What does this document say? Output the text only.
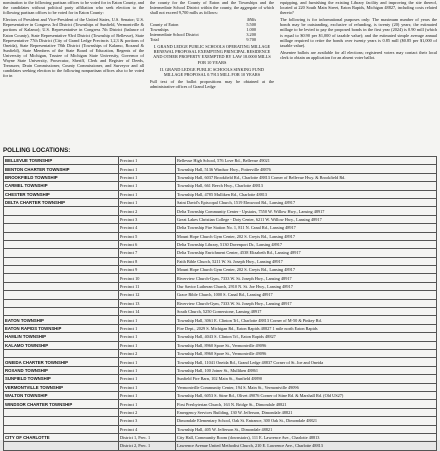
nomination to the following partisan offices to be voted for in Eaton County, and the candidates without political party affiliation who seek election to the following partisan offices to be voted for in Eaton County:

Electors of President and Vice-President of the United States, U.S. Senator; U.S. Representative in Congress 3rd District (Townships of Sunfield, Vermontville & portions of Kalamo); U.S. Representative in Congress 7th District (balance of Eaton County), State Representative 93rd District (Township of Bellevue), State Representative 77th District (City of Grand Ledge Precincts 1,2,3 & portions of Oneida), State Representative 78th District (Townships of Kalamo, Roxand & Sunfield), State Members of the State Board of Education, Regents of the University of Michigan, Trustee of Michigan State University, Governor of Wayne State University, Prosecutor, Sheriff, Clerk and Register of Deeds, Treasurer, Drain Commissioner, County Commissioner, and Surveyor and all candidates seeking election to the following nonpartisan offices also to be voted for in

the county for the County of Eaton and the Townships and the Intermediate School District within the county, the aggregate of which shall not exceed 9,700 mills as follows:

	Mills
County of Eaton	5.500
Townships	1.000
Intermediate School District	3.200

Total	9.700

I. GRAND LEDGE PUBLIC SCHOOLS OPERATING MILLAGE RENEWAL PROPOSAL EXEMPTING PRINCIPAL RESIDENCE AND OTHER PROPERTY EXEMPTED BY LAW 18.0000 MILLS FOR 10 YEARS

II. GRAND LEDGE PUBLIC SCHOOLS SINKING FUND MILLAGE PROPOSAL 0.7913 MILL FOR 10 YEARS

Full text of the ballot propositions may be obtained at the administrative offices of Grand Ledge

equipping, and furnishing the existing Library facility and improving the site thereof, located at 220 South Main Street, Eaton Rapids, Michigan 48827, including costs related thereto?

The following is for informational purposes only: The maximum number of years the bonds may be outstanding, exclusive of refunding, is twenty (20) years; the estimated millage to be levied to pay the proposed bonds in the first year (2024) is 0.90 mill (which is equal to $0.90 per $1,000 of taxable value); and the estimated simple average annual millage required to retire the bonds over twenty years is 0.85 mill ($0.85 per $1,000 of taxable value).

Absentee ballots are available for all elections; registered voters may contact their local clerk to obtain an application for an absent voter ballot.

POLLING LOCATIONS:
BELLEVUE TOWNSHIP	Precinct 1	Bellevue High School, 576 Love Rd., Bellevue 49021
BENTON CHARTER TOWNSHIP	Precinct 1	Township Hall, 5136 Windsor Hwy., Potterville 48876
BROOKFIELD TOWNSHIP	Precinct 1	Township Hall, 6037 Brookfield Rd., Charlotte 48813 Corner of Bellevue Hwy. & Brookfield Rd.
CARMEL TOWNSHIP	Precinct 1	Township Hall, 661 Beech Hwy., Charlotte 48813
CHESTER TOWNSHIP	Precinct 1	Township Hall, 4785 Mulliken Rd., Charlotte 48813
DELTA CHARTER TOWNSHIP	Precinct 1	Saint David's Episcopal Church, 1519 Elmwood Rd., Lansing 48917
	Precinct 2	Delta Township Community Center - Upstairs, 7550 W. Willow Hwy., Lansing 48917
	Precinct 3	Great Lakes Christian College - Doty Center, 6211 W. Willow Hwy., Lansing 48917
	Precinct 4	Delta Township Fire Station No. 1, 811 N. Canal Rd., Lansing 48917
	Precinct 5	Mount Hope Church Gym Center, 202 S. Creyts Rd., Lansing 48917
	Precinct 6	Delta Township Library, 5130 Davenport Dr., Lansing 48917
	Precinct 7	Delta Township Enrichment Center, 4538 Elizabeth Rd., Lansing 48917
	Precinct 8	Faith Bible Church, 5211 W. St. Joseph Hwy., Lansing 48917
	Precinct 9	Mount Hope Church Gym Center, 202 S. Creyts Rd., Lansing 48917
	Precinct 10	Riverview Church-Gym, 7333 W. St. Joseph Hwy., Lansing 48917
	Precinct 11	Our Savior Lutheran Church, 2910 N. St. Joe Hwy., Lansing 48917
	Precinct 12	Grace Bible Church, 1000 S. Canal Rd., Lansing 48917
	Precinct 13	Riverview Church-Gym, 7333 W. St. Joseph Hwy., Lansing 48917
	Precinct 14	South Church, 5250 Cornerstone, Lansing 48917
EATON TOWNSHIP	Precinct 1	Township Hall, 3061 E. Clinton Trl., Charlotte 48813 Corner of M-50 & Pinkey Rd.
EATON RAPIDS TOWNSHIP	Precinct 1	Fire Dept., 2029 S. Michigan Rd., Eaton Rapids 48827 1 mile north Eaton Rapids
HAMLIN TOWNSHIP	Precinct 1	Township Hall, 4043 S. Clinton Trl., Eaton Rapids 48827
KALAMO TOWNSHIP	Precinct 1	Township Hall, 8960 Spore St., Vermontville 49096
	Precinct 2	Township Hall, 8960 Spore St., Vermontville 49096
ONEIDA CHARTER TOWNSHIP	Precinct 1	Township Hall, 11041 Oneida Rd., Grand Ledge 48837 Corner of St. Joe and Oneida
ROXAND TOWNSHIP	Precinct 1	Township Hall, 100 Joiner St., Mulliken 48861
SUNFIELD TOWNSHIP	Precinct 1	Sunfield Fire Barn, 102 Main St., Sunfield 48890
VERMONTVILLE TOWNSHIP	Precinct 1	Vermontville Community Center, 194 S. Main St., Vermontville 49096
WALTON TOWNSHIP	Precinct 1	Township Hall, 6053 S. Stine Rd., Olivet 49076 Corner of Stine Rd. & Marshall Rd. (Old US27)
WINDSOR CHARTER TOWNSHIP	Precinct 1	First Presbyterian Church, 163 N. Bridge St., Dimondale 48821
	Precinct 2	Emergency Services Building, 130 W. Jefferson, Dimondale 48821
	Precinct 3	Dimondale Elementary School, Oak St. Entrance, 300 Oak St., Dimondale 48821
	Precinct 4	Township Hall, 405 W. Jefferson St., Dimondale 48821
CITY OF CHARLOTTE	District 1, Prec. 1	City Hall, Community Room (downstairs), 111 E. Lawrence Ave., Charlotte 48813
	District 2, Prec. 1	Lawrence Avenue United Methodist Church, 210 E. Lawrence Ave., Charlotte 48813
